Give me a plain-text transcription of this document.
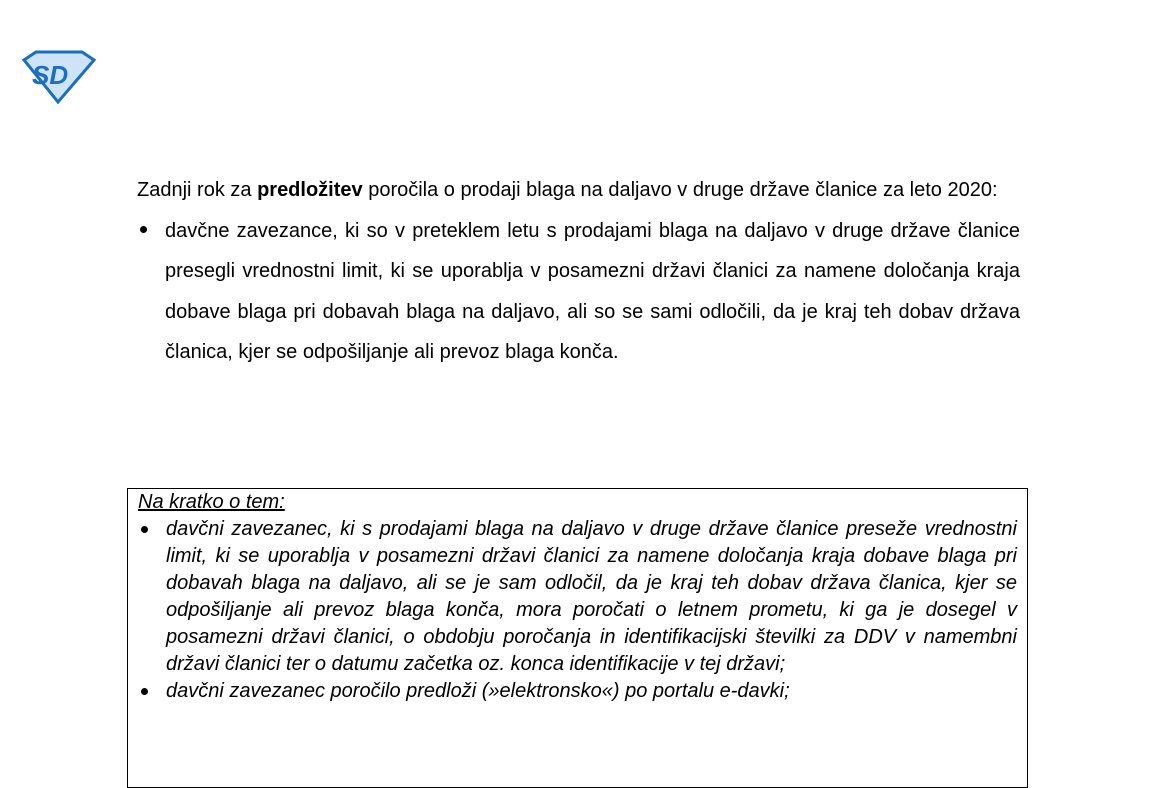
SD

Zadnji rok za predložitev poročila o prodaji blaga na daljavo v druge države članice za leto 2020:

davčne zavezance, ki so v preteklem letu s prodajami blaga na daljavo v druge države članice presegli vrednostni limit, ki se uporablja v posamezni državi članici za namene določanja kraja dobave blaga pri dobavah blaga na daljavo, ali so se sami odločili, da je kraj teh dobav država članica, kjer se odpošiljanje ali prevoz blaga konča.
Na kratko o tem:
davčni zavezanec, ki s prodajami blaga na daljavo v druge države članice preseže vrednostni limit, ki se uporablja v posamezni državi članici za namene določanja kraja dobave blaga pri dobavah blaga na daljavo, ali se je sam odločil, da je kraj teh dobav država članica, kjer se odpošiljanje ali prevoz blaga konča, mora poročati o letnem prometu, ki ga je dosegel v posamezni državi članici, o obdobju poročanja in identifikacijski številki za DDV v namembni državi članici ter o datumu začetka oz. konca identifikacije v tej državi;
davčni zavezanec poročilo predloži (»elektronsko«) po portalu e-davki;
